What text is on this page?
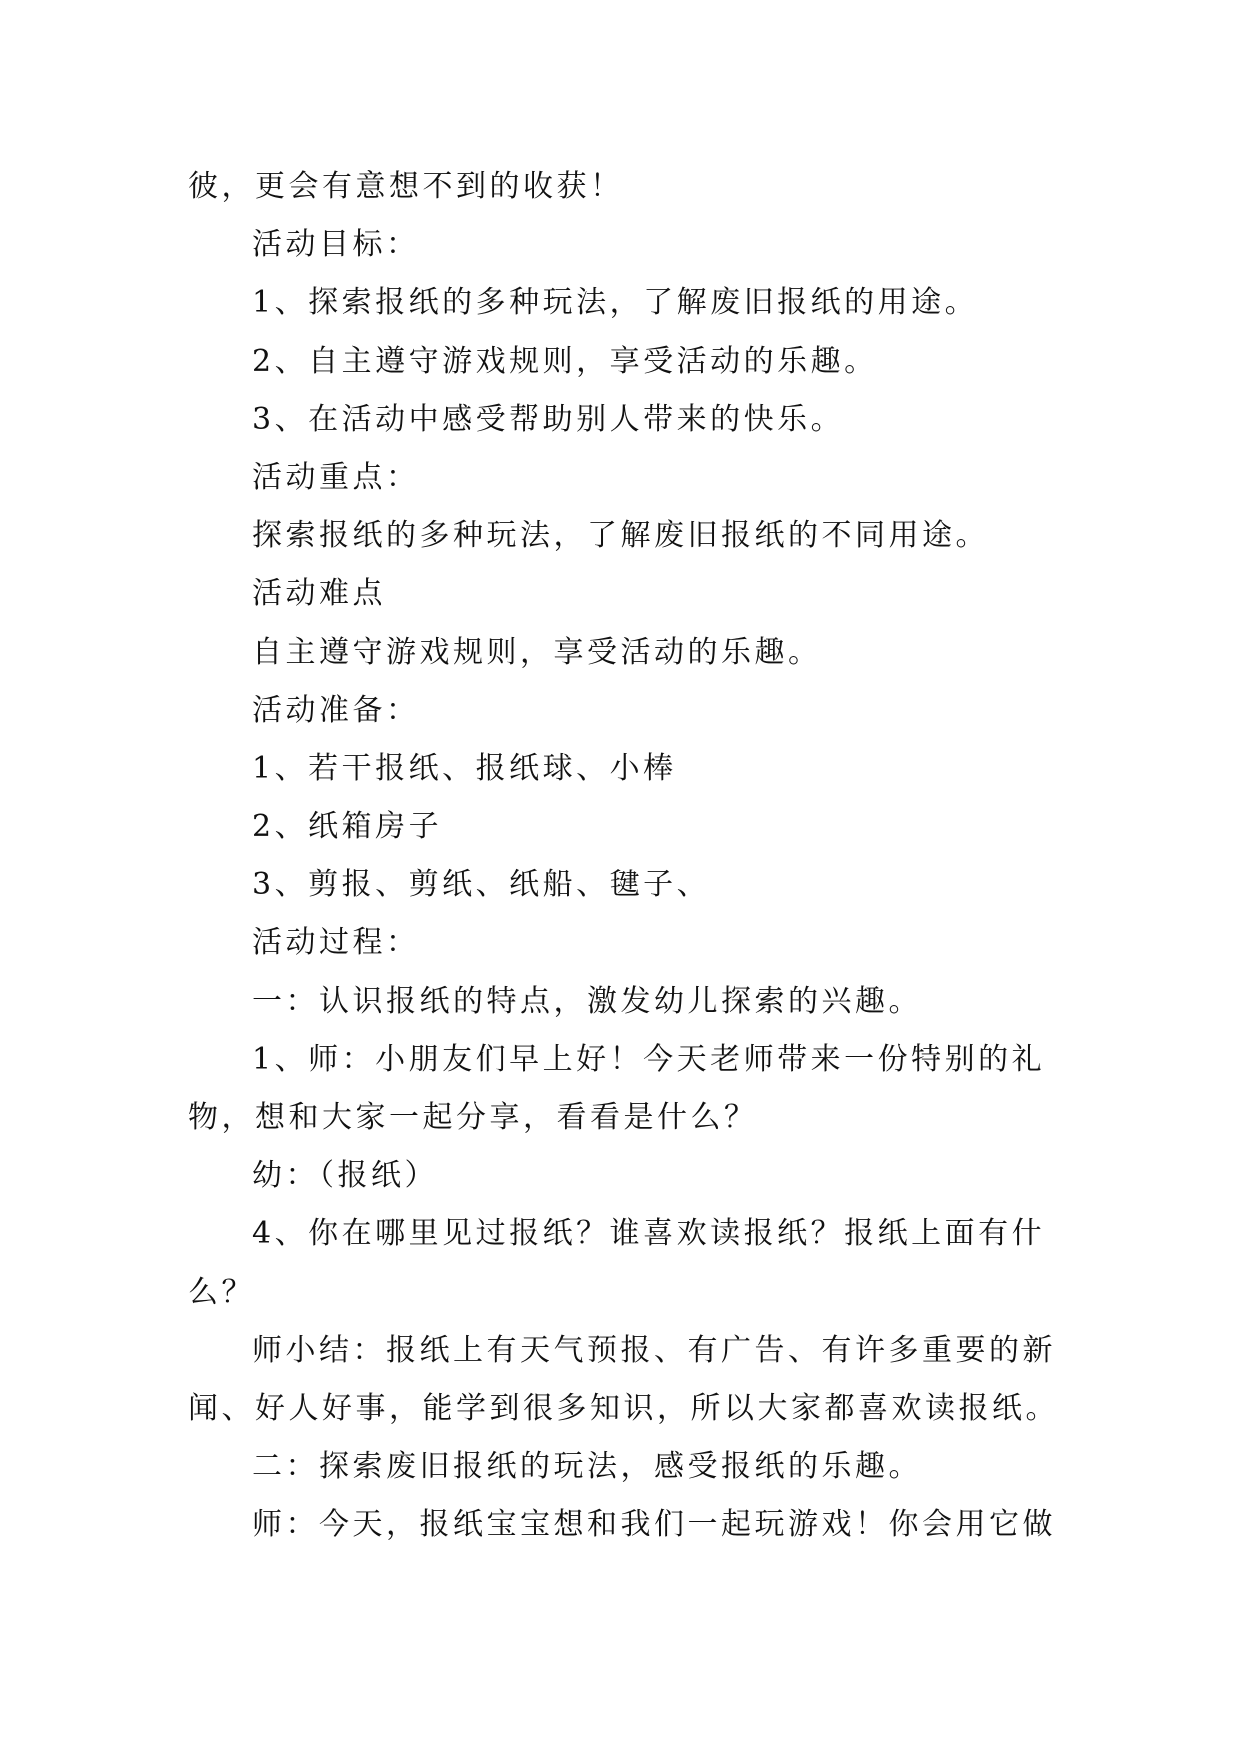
彼，更会有意想不到的收获！
活动目标：
1、探索报纸的多种玩法，了解废旧报纸的用途。
2、自主遵守游戏规则，享受活动的乐趣。
3、在活动中感受帮助别人带来的快乐。
活动重点：
探索报纸的多种玩法，了解废旧报纸的不同用途。
活动难点
自主遵守游戏规则，享受活动的乐趣。
活动准备：
1、若干报纸、报纸球、小棒
2、纸箱房子
3、剪报、剪纸、纸船、毽子、
活动过程：
一：认识报纸的特点，激发幼儿探索的兴趣。
1、师：小朋友们早上好！今天老师带来一份特别的礼
物，想和大家一起分享，看看是什么？
幼：（报纸）
4、你在哪里见过报纸？谁喜欢读报纸？报纸上面有什
么？
师小结：报纸上有天气预报、有广告、有许多重要的新
闻、好人好事，能学到很多知识，所以大家都喜欢读报纸。
二：探索废旧报纸的玩法，感受报纸的乐趣。
师：今天，报纸宝宝想和我们一起玩游戏！你会用它做
